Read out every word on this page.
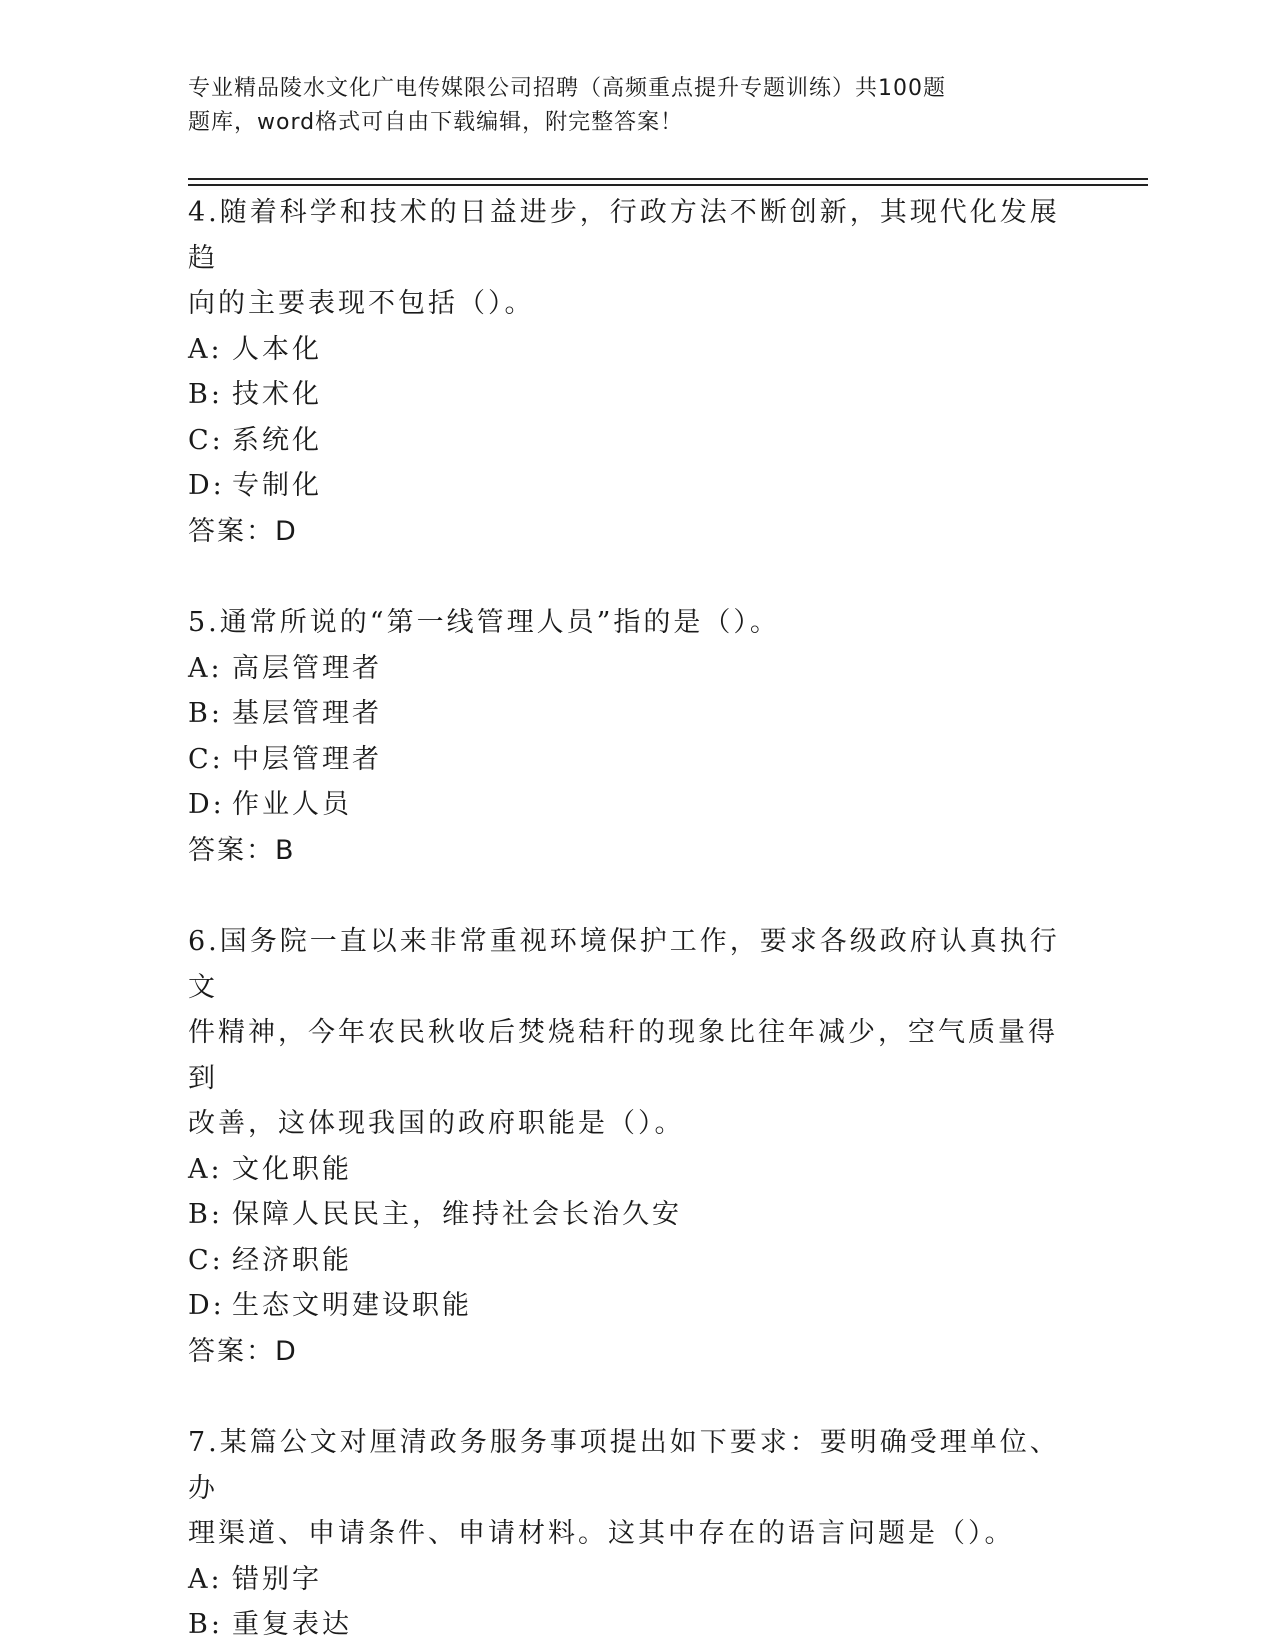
专业精品陵水文化广电传媒限公司招聘（高频重点提升专题训练）共100题
题库，word格式可自由下载编辑，附完整答案！
4.随着科学和技术的日益进步，行政方法不断创新，其现代化发展趋
向的主要表现不包括（）。
A: 人本化
B: 技术化
C: 系统化
D: 专制化
答案：D
5.通常所说的“第一线管理人员”指的是（）。
A: 高层管理者
B: 基层管理者
C: 中层管理者
D: 作业人员
答案：B
6.国务院一直以来非常重视环境保护工作，要求各级政府认真执行文
件精神，今年农民秋收后焚烧秸秆的现象比往年减少，空气质量得到
改善，这体现我国的政府职能是（）。
A: 文化职能
B: 保障人民民主，维持社会长治久安
C: 经济职能
D: 生态文明建设职能
答案：D
7.某篇公文对厘清政务服务事项提出如下要求：要明确受理单位、办
理渠道、申请条件、申请材料。这其中存在的语言问题是（）。
A: 错别字
B: 重复表达
